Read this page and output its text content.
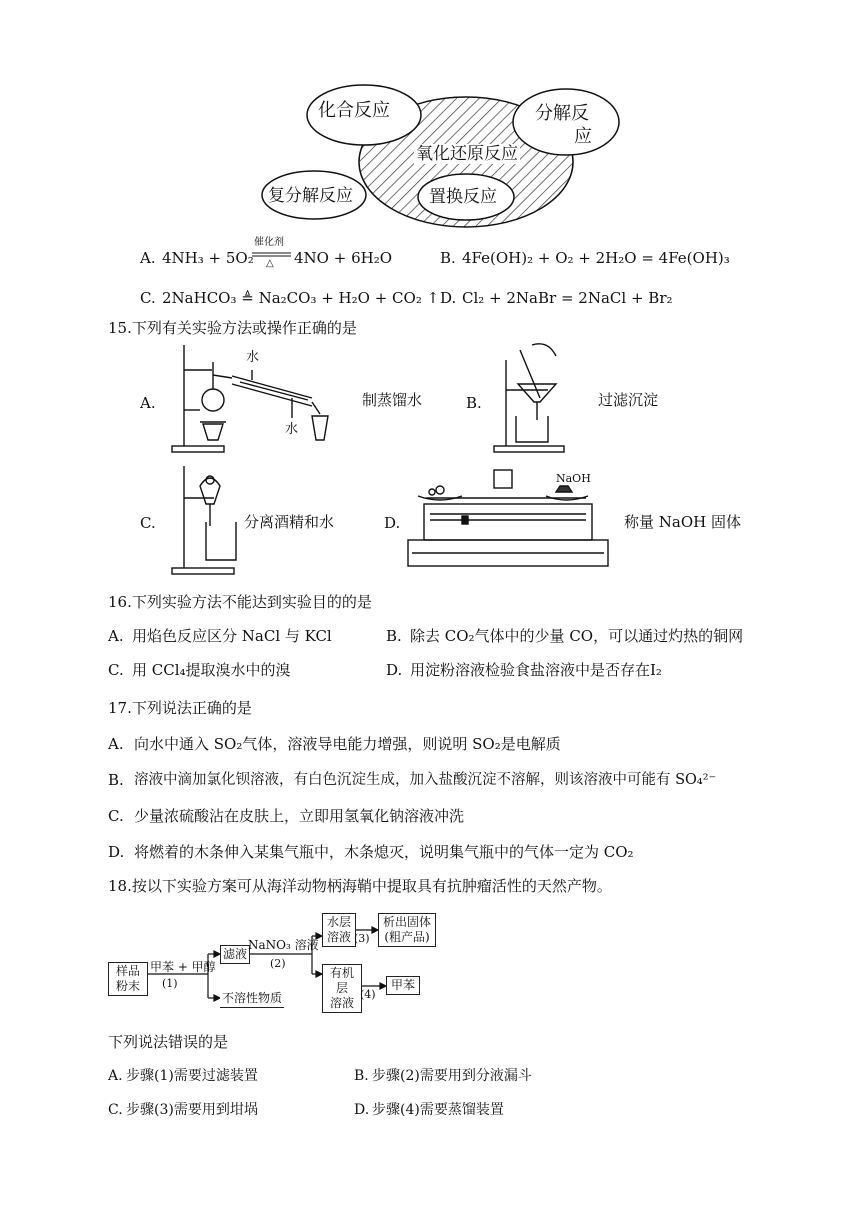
化合反应	分解反
应
氧化还原反应
复分解反应	置换反应
A. 4NH₃ + 5O₂
催化剂
△ 4NO + 6H₂O	B. 4Fe(OH)₂ + O₂ + 2H₂O = 4Fe(OH)₃
C. 2NaHCO₃ ≜ Na₂CO₃ + H₂O + CO₂ ↑ D. Cl₂ + 2NaBr = 2NaCl + Br₂
15.下列有关实验方法或操作正确的是
A.
水
水
制蒸馏水	B.	过滤沉淀
C.	分离酒精和水	D.
NaOH
称量 NaOH 固体
16.下列实验方法不能达到实验目的的是
A. 用焰色反应区分 NaCl 与 KCl	B. 除去 CO₂气体中的少量 CO，可以通过灼热的铜网
C. 用 CCl₄提取溴水中的溴	D. 用淀粉溶液检验食盐溶液中是否存在I₂
17.下列说法正确的是
A. 向水中通入 SO₂气体，溶液导电能力增强，则说明 SO₂是电解质
B. 溶液中滴加氯化钡溶液，有白色沉淀生成，加入盐酸沉淀不溶解，则该溶液中可能有 SO₄²⁻
C. 少量浓硫酸沾在皮肤上，立即用氢氧化钠溶液冲洗
D. 将燃着的木条伸入某集气瓶中，木条熄灭，说明集气瓶中的气体一定为 CO₂
18.按以下实验方案可从海洋动物柄海鞘中提取具有抗肿瘤活性的天然产物。
样品
粉末
甲苯 + 甲醇
(1)
滤液
不溶性物质
NaNO₃ 溶液
(2)
水层
溶液 (3)
析出固体
(粗产品)
有机层
溶液
(4)
甲苯
下列说法错误的是
A. 步骤(1)需要过滤装置	B. 步骤(2)需要用到分液漏斗
C. 步骤(3)需要用到坩埚	D. 步骤(4)需要蒸馏装置
